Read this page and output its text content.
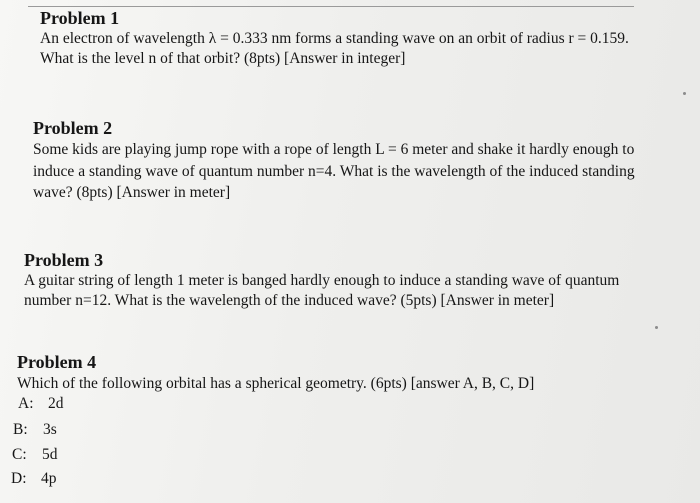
Problem 1
An electron of wavelength λ = 0.333 nm forms a standing wave on an orbit of radius r = 0.159.
What is the level n of that orbit? (8pts) [Answer in integer]
Problem 2
Some kids are playing jump rope with a rope of length L = 6 meter and shake it hardly enough to
induce a standing wave of quantum number n=4. What is the wavelength of the induced standing
wave? (8pts) [Answer in meter]
Problem 3
A guitar string of length 1 meter is banged hardly enough to induce a standing wave of quantum
number n=12. What is the wavelength of the induced wave? (5pts) [Answer in meter]
Problem 4
Which of the following orbital has a spherical geometry. (6pts) [answer A, B, C, D]
A: 2d
B: 3s
C: 5d
D: 4p
